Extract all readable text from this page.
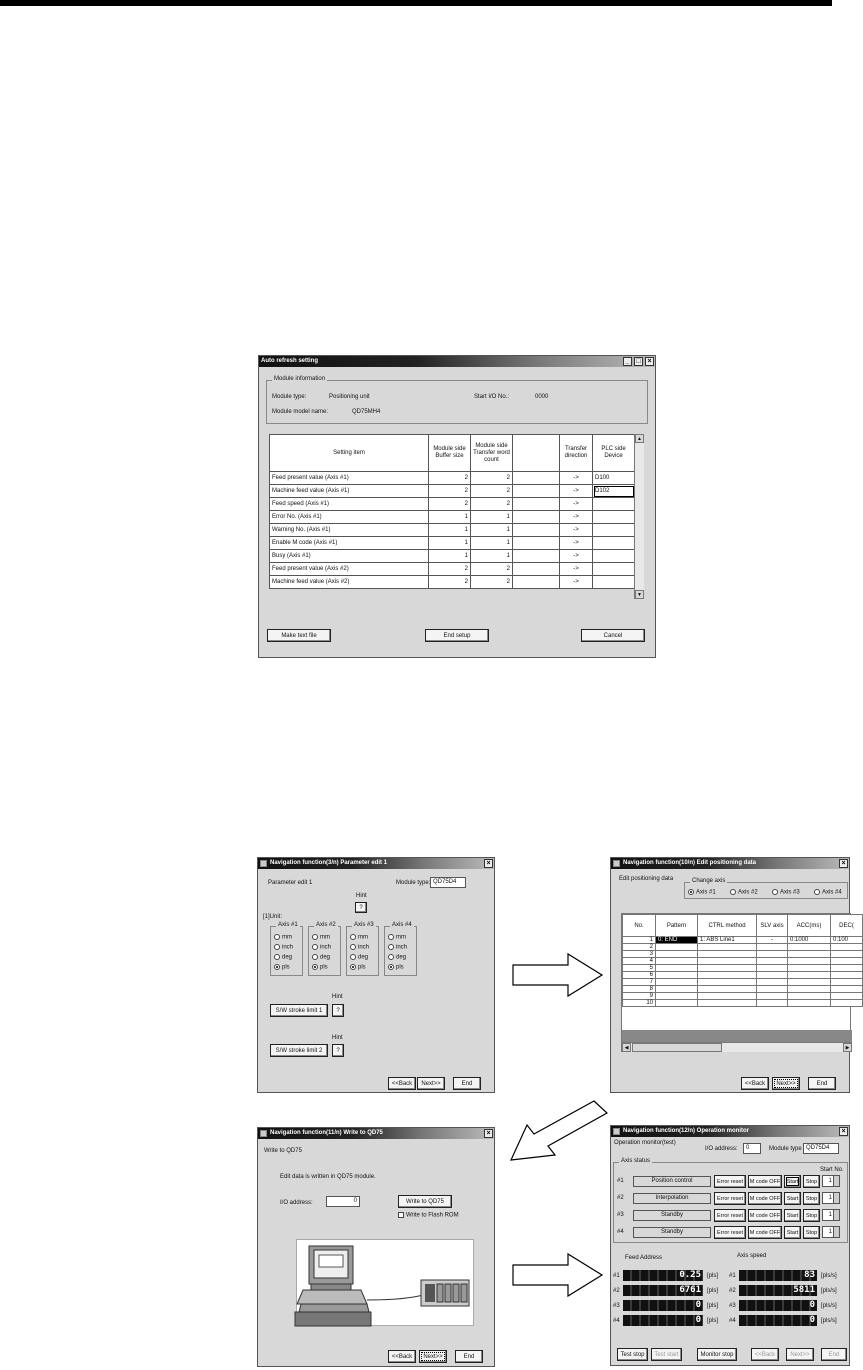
Auto refresh setting	_ □ ×
Module information
Module type:	Positioning unit	Start I/O No.:	0000
Module model name:	QD75MH4
Setting item	Module side Buffer size	Module side Transfer word count		Transfer direction	PLC side Device
Feed present value (Axis #1)	2	2		->	D100
Machine feed value (Axis #1)	2	2		->	D102
Feed speed (Axis #1)	2	2		->	
Error No. (Axis #1)	1	1		->	
Warning No. (Axis #1)	1	1		->	
Enable M code (Axis #1)	1	1		->	
Busy (Axis #1)	1	1		->	
Feed present value (Axis #2)	2	2		->	
Machine feed value (Axis #2)	2	2		->	
▲
▼
Make text file	End setup	Cancel
Navigation function(3/n) Parameter edit 1	×
Parameter edit 1	Module type: QD75D4
Hint
?
[1]Unit:
Axis #1
mm
inch
deg
pls
Axis #2
mm
inch
deg
pls
Axis #3
mm
inch
deg
pls
Axis #4
mm
inch
deg
pls
Hint
S/W stroke limit 1	?
Hint
S/W stroke limit 2	?
<<Back	Next>>	End
Navigation function(10/n) Edit positioning data	×
Edit positioning data	Change axis
Axis #1	Axis #2	Axis #3	Axis #4
No.	Pattern	CTRL method	SLV axis	ACC(ms)	DEC(
1	0: END	1: ABS Line1	-	0:1000	0:100
2					
3					
4					
5					
6					
7					
8					
9					
10					
◀	▶
<<Back	Next>>	End
Navigation function(11/n) Write to QD75	×
Write to QD75
Edit data is written in QD75 module.
I/O address:	0	Write to QD75
Write to Flash ROM
<<Back	Next>>	End
Navigation function(12/n) Operation monitor	×
Operation monitor(test)
I/O address:	0	Module type QD75D4
Axis status
Start No.
#1	Position control	Error reset	M code OFF	Start	Stop	1
#2	Interpolation	Error reset	M code OFF	Start	Stop	1
#3	Standby	Error reset	M code OFF	Start	Stop	1
#4	Standby	Error reset	M code OFF	Start	Stop	1
Feed Address	Axis speed
#1	0.25	[pls] #1	83	[pls/s]
#2	6761	[pls] #2	5811	[pls/s]
#3	0	[pls] #3	0	[pls/s]
#4	0	[pls] #4	0	[pls/s]
Test stop	Test start	Monitor stop	<<Back	Next>>	End
